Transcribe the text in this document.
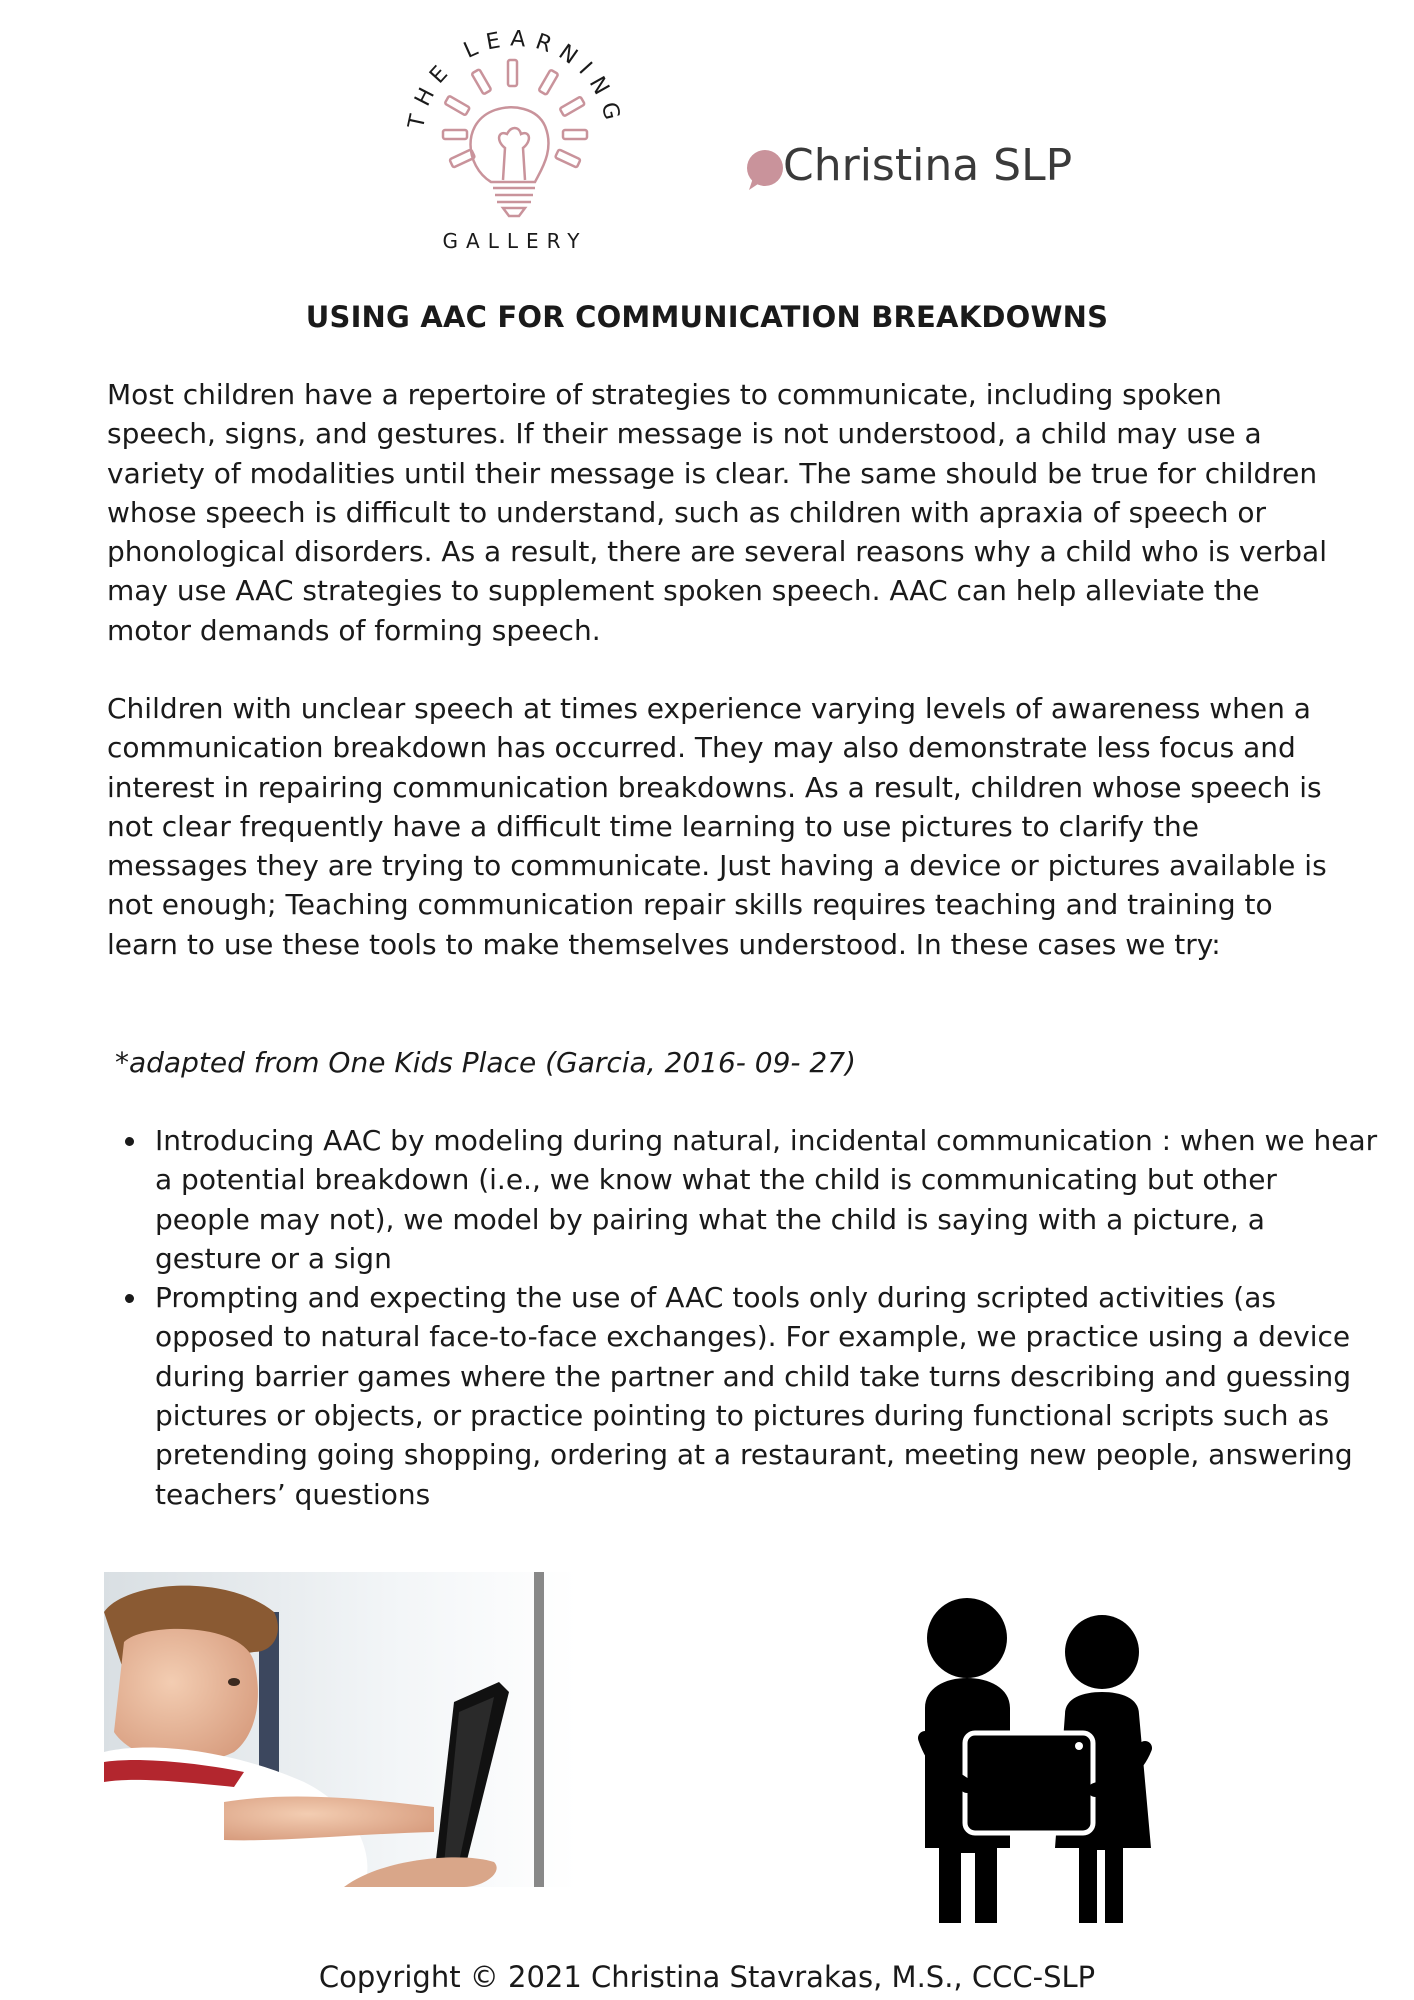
THE LEARNING
GALLERY
Christina SLP
USING AAC FOR COMMUNICATION BREAKDOWNS

Most children have a repertoire of strategies to communicate, including spoken speech, signs, and gestures. If their message is not understood, a child may use a variety of modalities until their message is clear. The same should be true for children whose speech is difficult to understand, such as children with apraxia of speech or phonological disorders. As a result, there are several reasons why a child who is verbal may use AAC strategies to supplement spoken speech. AAC can help alleviate the motor demands of forming speech.

Children with unclear speech at times experience varying levels of awareness when a
communication breakdown has occurred. They may also demonstrate less focus and interest in repairing communication breakdowns. As a result, children whose speech is not clear frequently have a difficult time learning to use pictures to clarify the messages they are trying to communicate. Just having a device or pictures available is not enough; Teaching communication repair skills requires teaching and training to learn to use these tools to make themselves understood. In these cases we try:

*adapted from One Kids Place (Garcia, 2016- 09- 27)
Introducing AAC by modeling during natural, incidental communication : when we hear a potential breakdown (i.e., we know what the child is communicating but other people may not), we model by pairing what the child is saying with a picture, a gesture or a sign
Prompting and expecting the use of AAC tools only during scripted activities (as opposed to natural face-to-face exchanges). For example, we practice using a device during barrier games where the partner and child take turns describing and guessing pictures or objects, or practice pointing to pictures during functional scripts such as pretending going shopping, ordering at a restaurant, meeting new people, answering teachers’ questions
Copyright © 2021 Christina Stavrakas, M.S., CCC-SLP
